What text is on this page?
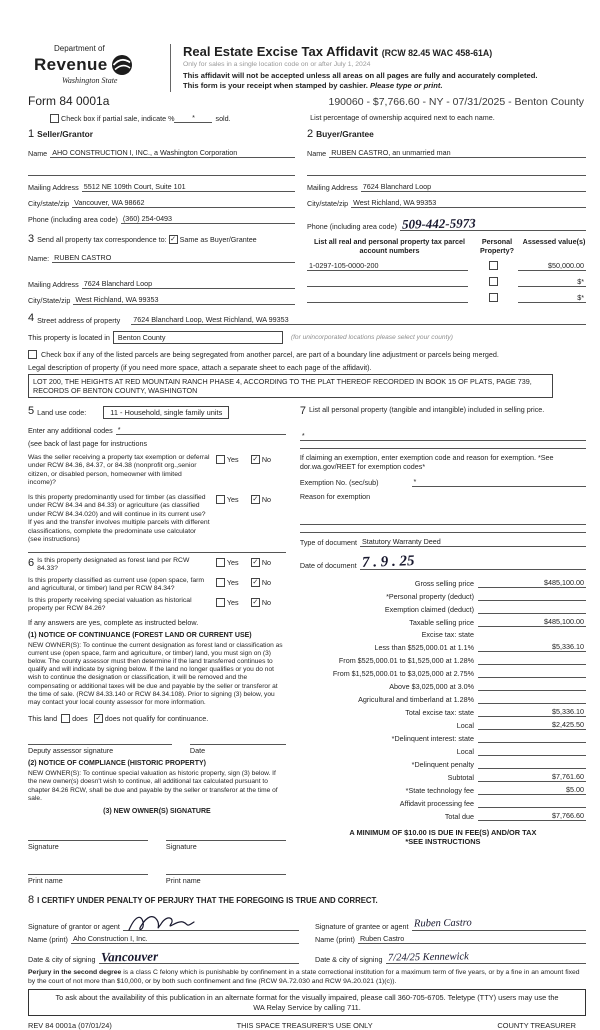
Department of
Revenue
Washington State
Real Estate Excise Tax Affidavit (RCW 82.45 WAC 458-61A)
Only for sales in a single location code on or after July 1, 2024
This affidavit will not be accepted unless all areas on all pages are fully and accurately completed.
This form is your receipt when stamped by cashier. Please type or print.
Form 84 0001a	190060 - $7,766.60 - NY - 07/31/2025 - Benton County

Check box if partial sale, indicate %	*	sold.	List percentage of ownership acquired next to each name.
1 Seller/Grantor
Name AHO CONSTRUCTION I, INC., a Washington Corporation
Mailing Address 5512 NE 109th Court, Suite 101
City/state/zip Vancouver, WA 98662
Phone (including area code) (360) 254-0493
3 Send all property tax correspondence to:
✓
Same as Buyer/Grantee
Name: RUBEN CASTRO
Mailing Address 7624 Blanchard Loop
City/State/zip West Richland, WA 99353
2 Buyer/Grantee
Name RUBEN CASTRO, an unmarried man
Mailing Address 7624 Blanchard Loop
City/state/zip West Richland, WA 99353
Phone (including area code) 509-442-5973
List all real and personal property tax parcel account numbers
Personal Property?
Assessed value(s)
1-0297-105-0000-200	$50,000.00
$*
$*
4 Street address of property	7624 Blanchard Loop, West Richland, WA 99353
This property is located in	Benton County	(for unincorporated locations please select your county)

Check box if any of the listed parcels are being segregated from another parcel, are part of a boundary line adjustment or parcels being merged.
Legal description of property (if you need more space, attach a separate sheet to each page of the affidavit).
LOT 200, THE HEIGHTS AT RED MOUNTAIN RANCH PHASE 4, ACCORDING TO THE PLAT THEREOF RECORDED IN BOOK 15 OF PLATS, PAGE 739, RECORDS OF BENTON COUNTY, WASHINGTON
5 Land use code:	11 - Household, single family units
Enter any additional codes *
(see back of last page for instructions
Was the seller receiving a property tax exemption or deferral under RCW 84.36, 84.37, or 84.38 (nonprofit org.,senior citizen, or disabled person, homeowner with limited income)?
Yes ✓ No
Is this property predominantly used for timber (as classified under RCW 84.34 and 84.33) or agriculture (as classified under RCW 84.34.020) and will continue in its current use? If yes and the transfer involves multiple parcels with different classifications, complete the predominate use calculator (see instructions)
Yes ✓ No
6 Is this property designated as forest land per RCW 84.33?
Yes ✓ No
Is this property classified as current use (open space, farm and agricultural, or timber) land per RCW 84.34?
Yes ✓ No
Is this property receiving special valuation as historical property per RCW 84.26?
Yes ✓ No
If any answers are yes, complete as instructed below.
(1) NOTICE OF CONTINUANCE (FOREST LAND OR CURRENT USE)
NEW OWNER(S): To continue the current designation as forest land or classification as current use (open space, farm and agriculture, or timber) land, you must sign on (3) below. The county assessor must then determine if the land transferred continues to qualify and will indicate by signing below. If the land no longer qualifies or you do not wish to continue the designation or classification, it will be removed and the compensating or additional taxes will be due and payable by the seller or transferor at the time of sale. (RCW 84.33.140 or RCW 84.34.108). Prior to signing (3) below, you may contact your local county assessor for more information.
This land

does
✓
does not qualify for continuance.
Deputy assessor signature	Date
(2) NOTICE OF COMPLIANCE (HISTORIC PROPERTY)
NEW OWNER(S): To continue special valuation as historic property, sign (3) below. If the new owner(s) doesn't wish to continue, all additional tax calculated pursuant to chapter 84.26 RCW, shall be due and payable by the seller or transferor at the time of sale.
(3) NEW OWNER(S) SIGNATURE
Signature	Signature
Print name	Print name
7 List all personal property (tangible and intangible) included in selling price.
*
If claiming an exemption, enter exemption code and reason for exemption. *See dor.wa.gov/REET for exemption codes*
Exemption No. (sec/sub)	*
Reason for exemption
Type of document Statutory Warranty Deed
Date of document 7 . 9 . 25
Gross selling price	$485,100.00
*Personal property (deduct)
Exemption claimed (deduct)
Taxable selling price	$485,100.00
Excise tax: state
Less than $525,000.01 at 1.1%	$5,336.10
From $525,000.01 to $1,525,000 at 1.28%
From $1,525,000.01 to $3,025,000 at 2.75%
Above $3,025,000 at 3.0%
Agricultural and timberland at 1.28%
Total excise tax: state	$5,336.10
Local	$2,425.50
*Delinquent interest: state
Local
*Delinquent penalty
Subtotal	$7,761.60
*State technology fee	$5.00
Affidavit processing fee
Total due	$7,766.60
A MINIMUM OF $10.00 IS DUE IN FEE(S) AND/OR TAX
*SEE INSTRUCTIONS
8 I CERTIFY UNDER PENALTY OF PERJURY THAT THE FOREGOING IS TRUE AND CORRECT.
Signature of grantor or agent	Signature of grantee or agent Ruben Castro
Name (print) Aho Construction I, Inc.	Name (print) Ruben Castro
Date & city of signing Vancouver	Date & city of signing 7/24/25 Kennewick
Perjury in the second degree is a class C felony which is punishable by confinement in a state correctional institution for a maximum term of five years, or by a fine in an amount fixed by the court of not more than $10,000, or by both such confinement and fine (RCW 9A.72.030 and RCW 9A.20.021 (1)(c)).
To ask about the availability of this publication in an alternate format for the visually impaired, please call 360-705-6705. Teletype (TTY) users may use the WA Relay Service by calling 711.
REV 84 0001a (07/01/24)	THIS SPACE TREASURER'S USE ONLY	COUNTY TREASURER
